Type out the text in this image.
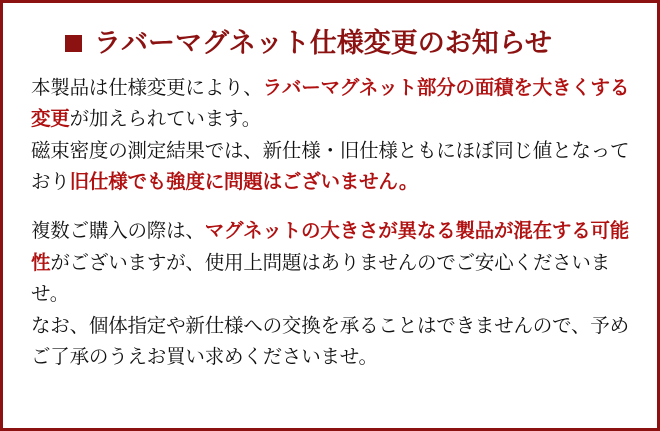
ラバーマグネット仕様変更のお知らせ

本製品は仕様変更により、ラバーマグネット部分の面積を大きくする変更が加えられています。

磁束密度の測定結果では、新仕様・旧仕様ともにほぼ同じ値となっており旧仕様でも強度に問題はございません。

複数ご購入の際は、マグネットの大きさが異なる製品が混在する可能性がございますが、使用上問題はありませんのでご安心くださいませ。

なお、個体指定や新仕様への交換を承ることはできませんので、予めご了承のうえお買い求めくださいませ。
